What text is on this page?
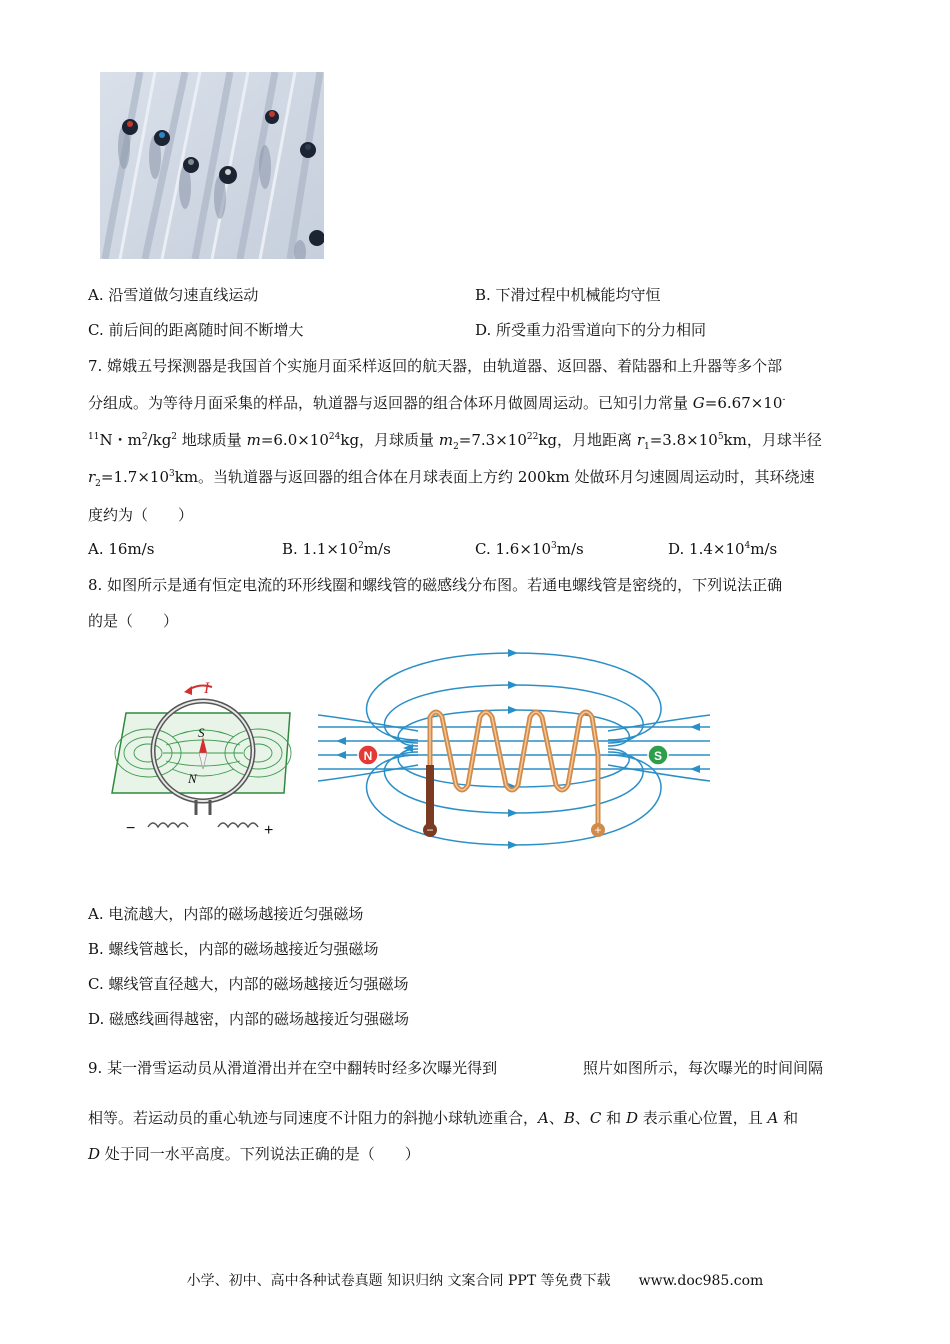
A. 沿雪道做匀速直线运动	B. 下滑过程中机械能均守恒
C. 前后间的距离随时间不断增大	D. 所受重力沿雪道向下的分力相同
7. 嫦娥五号探测器是我国首个实施月面采样返回的航天器，由轨道器、返回器、着陆器和上升器等多个部
分组成。为等待月面采集的样品，轨道器与返回器的组合体环月做圆周运动。已知引力常量 G=6.67×10-
$^{11}$N・$m^2/kg^2$ 地球质量 $m=6.0\times 10^{24}kg$，月球质量 $m_2=7.3\times 10^{22}kg$，月地距离 $r_1=3.8\times 10^5km$，月球半径
$r_2=1.7\times 10^3km$。当轨道器与返回器的组合体在月球表面上方约 200km 处做环月匀速圆周运动时，其环绕速
度约为（　　）
A. 16m/s	B. $1.1\times 10^2m/s$	C. $1.6\times 10^3m/s$	D. $1.4\times 10^4m/s$
8. 如图所示是通有恒定电流的环形线圈和螺线管的磁感线分布图。若通电螺线管是密绕的，下列说法正确
的是（　　）
I
S
N
−	+	−	+
N	S
A. 电流越大，内部的磁场越接近匀强磁场
B. 螺线管越长，内部的磁场越接近匀强磁场
C. 螺线管直径越大，内部的磁场越接近匀强磁场
D. 磁感线画得越密，内部的磁场越接近匀强磁场
9. 某一滑雪运动员从滑道滑出并在空中翻转时经多次曝光得到	照片如图所示，每次曝光的时间间隔
相等。若运动员的重心轨迹与同速度不计阻力的斜抛小球轨迹重合，A、B、C 和 D 表示重心位置，且 A 和
D 处于同一水平高度。下列说法正确的是（　　）
小学、初中、高中各种试卷真题 知识归纳 文案合同 PPT 等免费下载　　www.doc985.com
